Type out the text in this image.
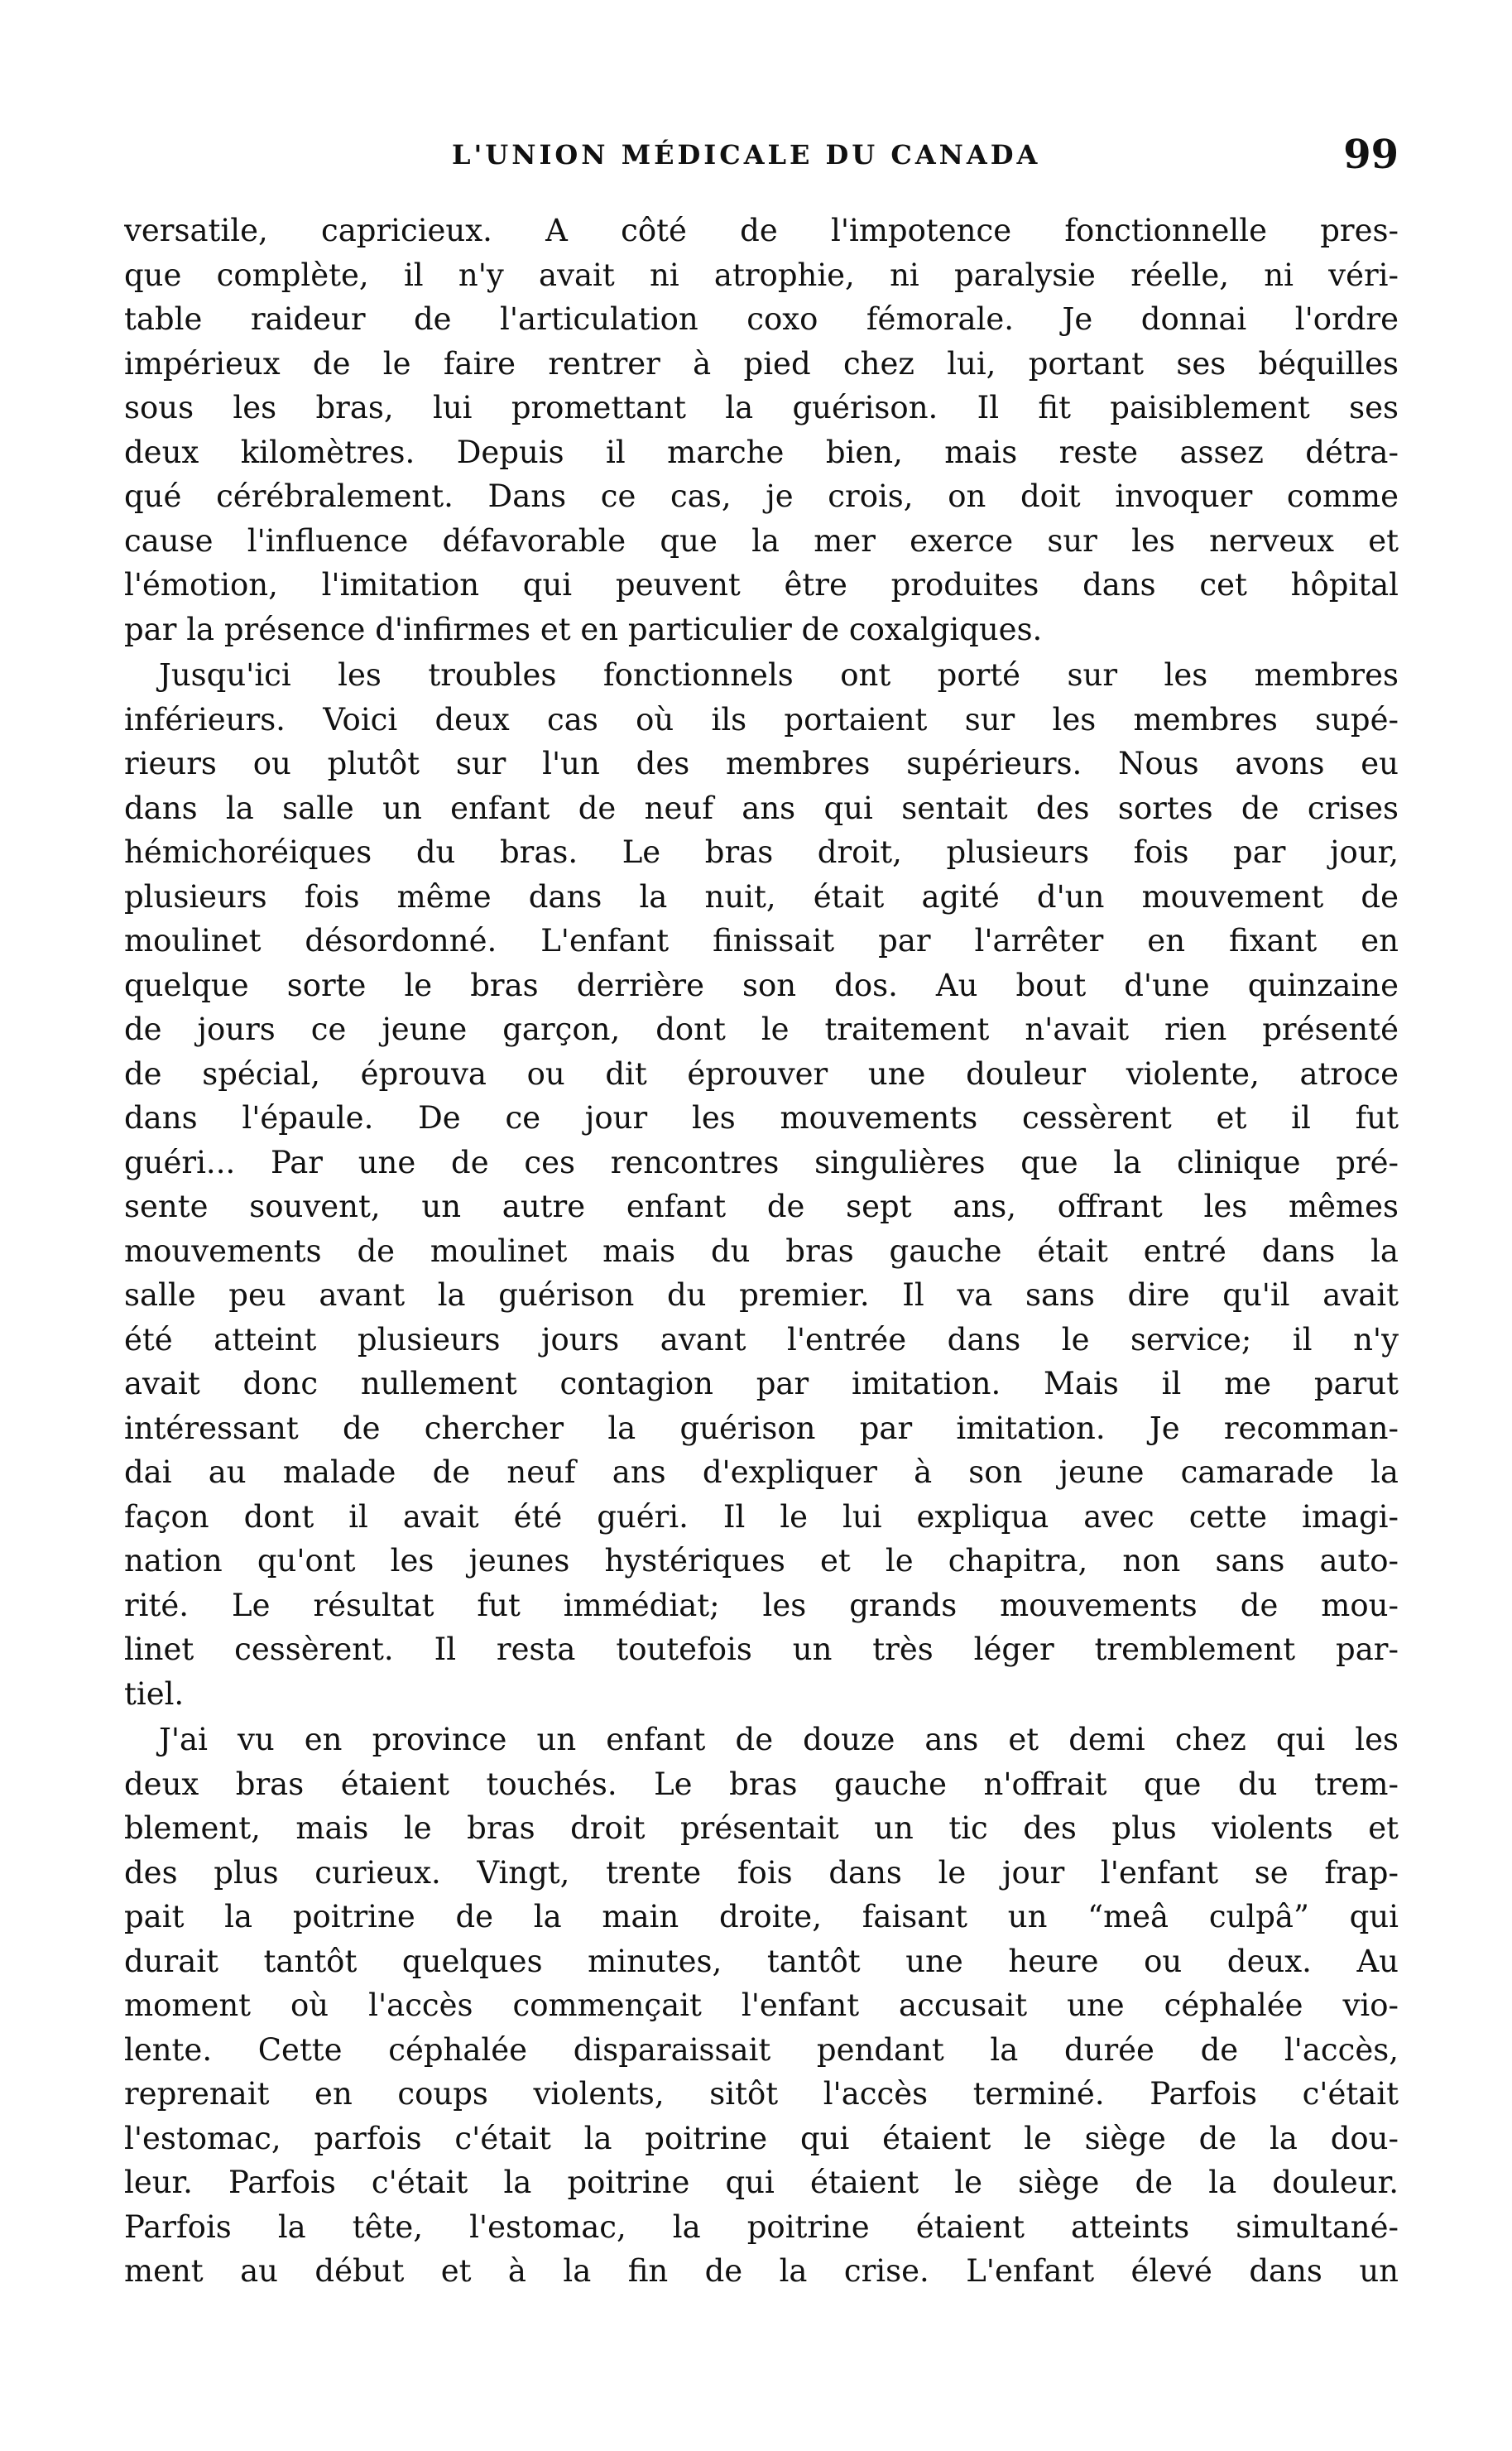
L'UNION MÉDICALE DU CANADA	99
versatile, capricieux. A côté de l'impotence fonctionnelle pres-
que complète, il n'y avait ni atrophie, ni paralysie réelle, ni véri-
table raideur de l'articulation coxo fémorale. Je donnai l'ordre
impérieux de le faire rentrer à pied chez lui, portant ses béquilles
sous les bras, lui promettant la guérison. Il fit paisiblement ses
deux kilomètres. Depuis il marche bien, mais reste assez détra-
qué cérébralement. Dans ce cas, je crois, on doit invoquer comme
cause l'influence défavorable que la mer exerce sur les nerveux et
l'émotion, l'imitation qui peuvent être produites dans cet hôpital
par la présence d'infirmes et en particulier de coxalgiques.
Jusqu'ici les troubles fonctionnels ont porté sur les membres
inférieurs. Voici deux cas où ils portaient sur les membres supé-
rieurs ou plutôt sur l'un des membres supérieurs. Nous avons eu
dans la salle un enfant de neuf ans qui sentait des sortes de crises
hémichoréiques du bras. Le bras droit, plusieurs fois par jour,
plusieurs fois même dans la nuit, était agité d'un mouvement de
moulinet désordonné. L'enfant finissait par l'arrêter en fixant en
quelque sorte le bras derrière son dos. Au bout d'une quinzaine
de jours ce jeune garçon, dont le traitement n'avait rien présenté
de spécial, éprouva ou dit éprouver une douleur violente, atroce
dans l'épaule. De ce jour les mouvements cessèrent et il fut
guéri... Par une de ces rencontres singulières que la clinique pré-
sente souvent, un autre enfant de sept ans, offrant les mêmes
mouvements de moulinet mais du bras gauche était entré dans la
salle peu avant la guérison du premier. Il va sans dire qu'il avait
été atteint plusieurs jours avant l'entrée dans le service; il n'y
avait donc nullement contagion par imitation. Mais il me parut
intéressant de chercher la guérison par imitation. Je recomman-
dai au malade de neuf ans d'expliquer à son jeune camarade la
façon dont il avait été guéri. Il le lui expliqua avec cette imagi-
nation qu'ont les jeunes hystériques et le chapitra, non sans auto-
rité. Le résultat fut immédiat; les grands mouvements de mou-
linet cessèrent. Il resta toutefois un très léger tremblement par-
tiel.
J'ai vu en province un enfant de douze ans et demi chez qui les
deux bras étaient touchés. Le bras gauche n'offrait que du trem-
blement, mais le bras droit présentait un tic des plus violents et
des plus curieux. Vingt, trente fois dans le jour l'enfant se frap-
pait la poitrine de la main droite, faisant un “meâ culpâ” qui
durait tantôt quelques minutes, tantôt une heure ou deux. Au
moment où l'accès commençait l'enfant accusait une céphalée vio-
lente. Cette céphalée disparaissait pendant la durée de l'accès,
reprenait en coups violents, sitôt l'accès terminé. Parfois c'était
l'estomac, parfois c'était la poitrine qui étaient le siège de la dou-
leur. Parfois c'était la poitrine qui étaient le siège de la douleur.
Parfois la tête, l'estomac, la poitrine étaient atteints simultané-
ment au début et à la fin de la crise. L'enfant élevé dans un
